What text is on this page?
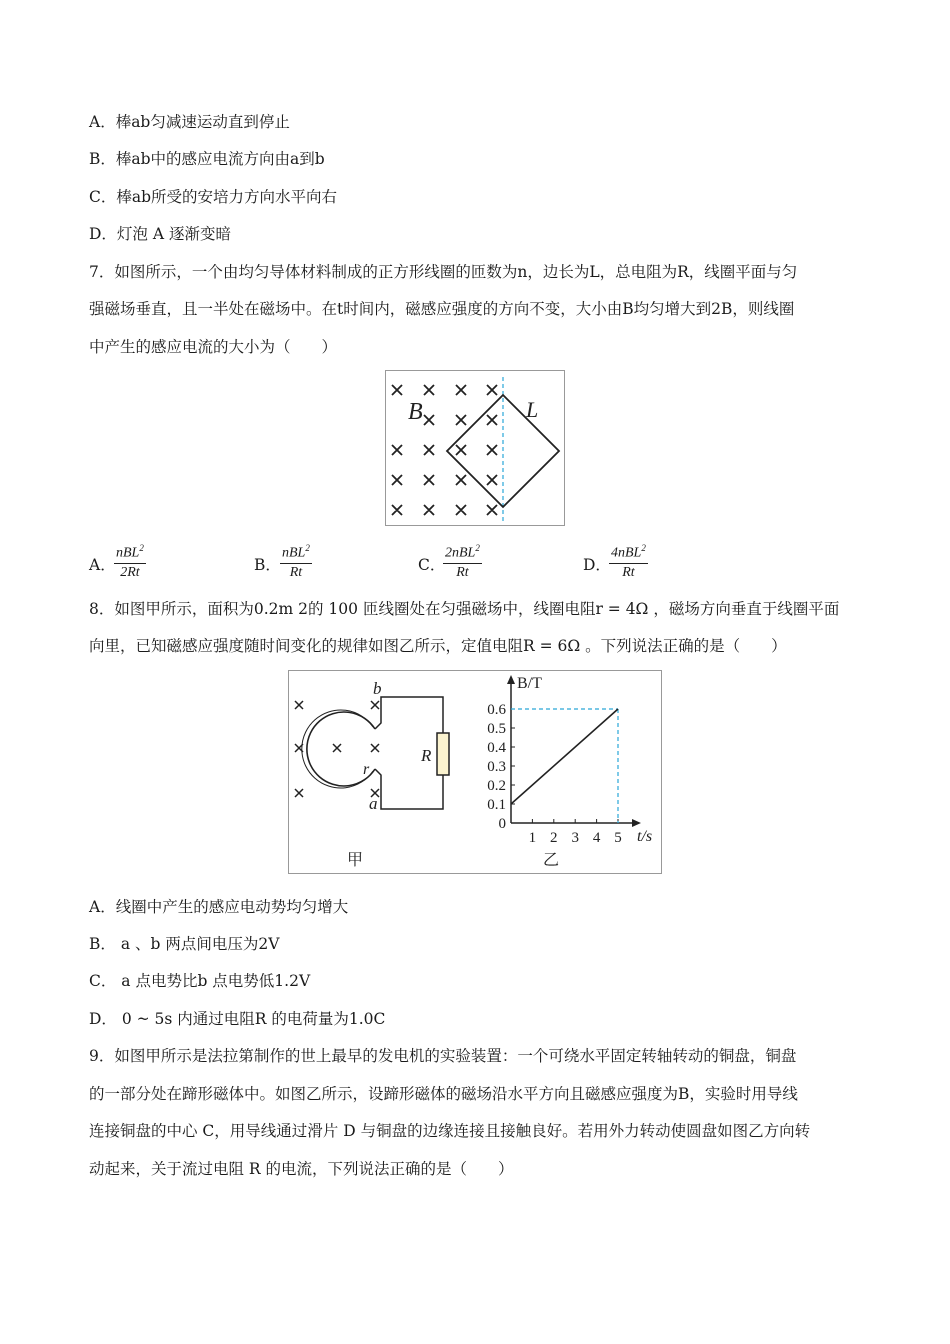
A．棒ab匀减速运动直到停止
B．棒ab中的感应电流方向由a到b
C．棒ab所受的安培力方向水平向右
D．灯泡 A 逐渐变暗
7．如图所示，一个由均匀导体材料制成的正方形线圈的匝数为n，边长为L，总电阻为R，线圈平面与匀
强磁场垂直，且一半处在磁场中。在t时间内，磁感应强度的方向不变，大小由B均匀增大到2B，则线圈
中产生的感应电流的大小为（　　）
B	L
A．
nBL$^2$
2Rt	B．
nBL$^2$
Rt	C．
2nBL$^2$
Rt	D．
4nBL$^2$
Rt
8．如图甲所示，面积为0.2m 2的 100 匝线圈处在匀强磁场中，线圈电阻r = 4Ω ，磁场方向垂直于线圈平面
向里，已知磁感应强度随时间变化的规律如图乙所示，定值电阻R = 6Ω 。下列说法正确的是（　　）
b
a
r
R
甲
0.6
0.5
0.4
0.3
0.2
0.1
0
1 2 3 4 5
B/T
t/s
乙
A．线圈中产生的感应电动势均匀增大
B． a 、b 两点间电压为2V
C． a 点电势比b 点电势低1.2V
D． 0 ~ 5s 内通过电阻R 的电荷量为1.0C
9．如图甲所示是法拉第制作的世上最早的发电机的实验装置：一个可绕水平固定转轴转动的铜盘，铜盘
的一部分处在蹄形磁体中。如图乙所示，设蹄形磁体的磁场沿水平方向且磁感应强度为B，实验时用导线
连接铜盘的中心 C，用导线通过滑片 D 与铜盘的边缘连接且接触良好。若用外力转动使圆盘如图乙方向转
动起来，关于流过电阻 R 的电流，下列说法正确的是（　　）
